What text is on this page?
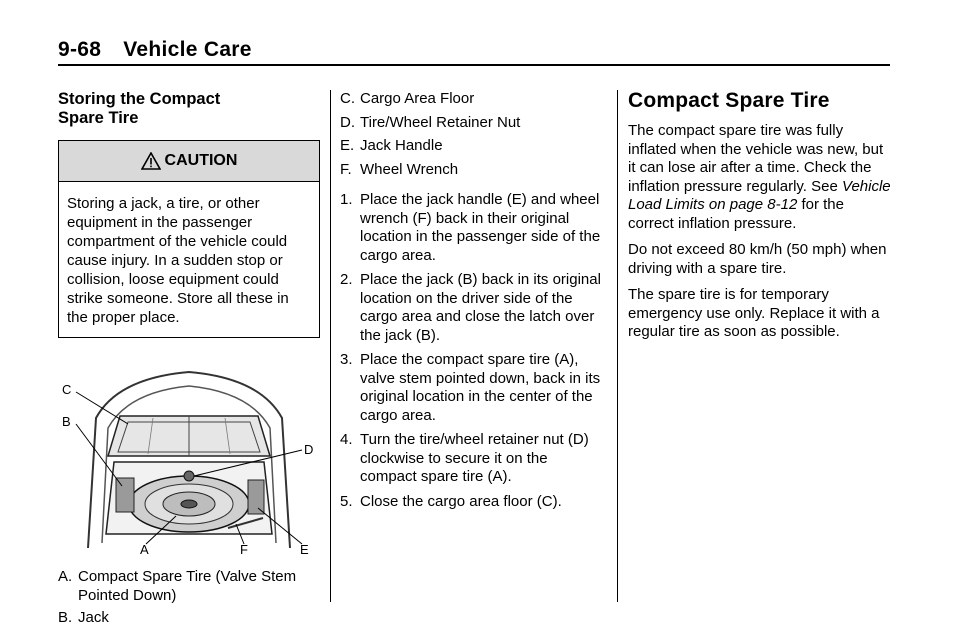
9-68 Vehicle Care
Storing the Compact
Spare Tire
CAUTION
Storing a jack, a tire, or other equipment in the passenger compartment of the vehicle could cause injury. In a sudden stop or collision, loose equipment could strike someone. Store all these in the proper place.
C
B
D
A	F	E
A. Compact Spare Tire (Valve Stem Pointed Down)
B. Jack
C. Cargo Area Floor
D. Tire/Wheel Retainer Nut
E. Jack Handle
F. Wheel Wrench
1. Place the jack handle (E) and wheel wrench (F) back in their original location in the passenger side of the cargo area.
2. Place the jack (B) back in its original location on the driver side of the cargo area and close the latch over the jack (B).
3. Place the compact spare tire (A), valve stem pointed down, back in its original location in the center of the cargo area.
4. Turn the tire/wheel retainer nut (D) clockwise to secure it on the compact spare tire (A).
5. Close the cargo area floor (C).
Compact Spare Tire

The compact spare tire was fully inflated when the vehicle was new, but it can lose air after a time. Check the inflation pressure regularly. See Vehicle Load Limits on page 8-12 for the correct inflation pressure.

Do not exceed 80 km/h (50 mph) when driving with a spare tire.

The spare tire is for temporary emergency use only. Replace it with a regular tire as soon as possible.
